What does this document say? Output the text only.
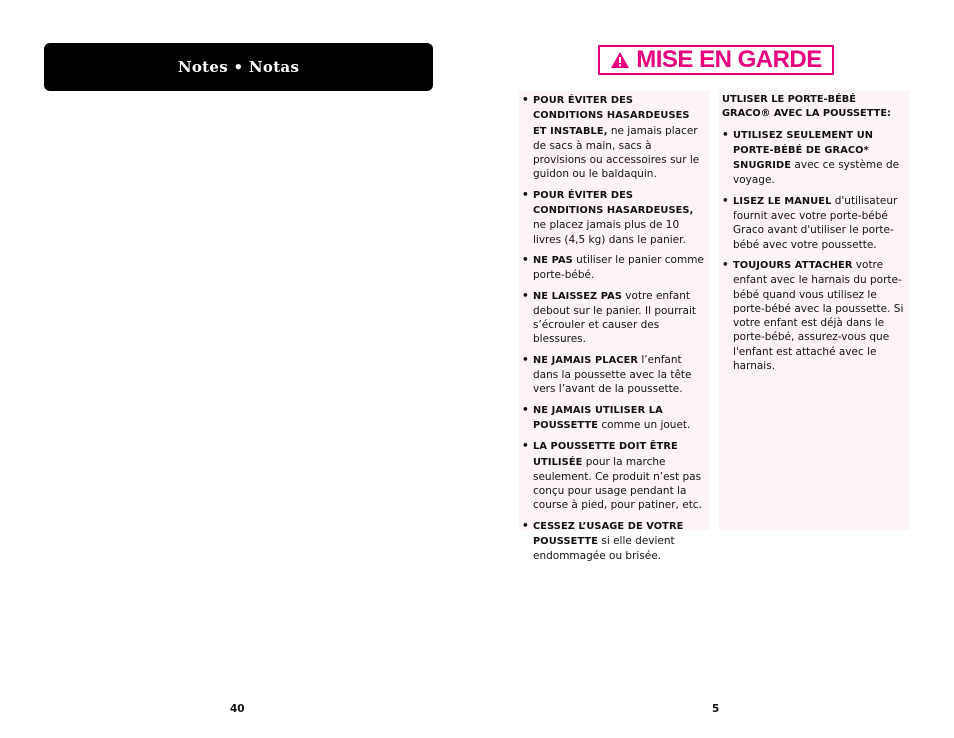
Notes • Notas	MISE EN GARDE
• POUR ÉVITER DES CONDITIONS HASARDEUSES ET INSTABLE, ne jamais placer de sacs à main, sacs à provisions ou accessoires sur le guidon ou le baldaquin.
• POUR ÉVITER DES CONDITIONS HASARDEUSES, ne placez jamais plus de 10 livres (4,5 kg) dans le panier.
• NE PAS utiliser le panier comme porte-bébé.
• NE LAISSEZ PAS votre enfant debout sur le panier. Il pourrait s’écrouler et causer des blessures.
• NE JAMAIS PLACER l’enfant dans la poussette avec la tête vers l’avant de la poussette.
• NE JAMAIS UTILISER LA POUSSETTE comme un jouet.
• LA POUSSETTE DOIT ÊTRE UTILISÉE pour la marche seulement. Ce produit n’est pas conçu pour usage pendant la course à pied, pour patiner, etc.
• CESSEZ L’USAGE DE VOTRE POUSSETTE si elle devient endommagée ou brisée.
UTLISER LE PORTE-BÉBÉ GRACO® AVEC LA POUSSETTE:
• UTILISEZ SEULEMENT UN PORTE-BÉBÉ DE GRACO* SNUGRIDE avec ce système de voyage.
• LISEZ LE MANUEL d'utilisateur fournit avec votre porte-bébé Graco avant d'utiliser le porte-bébé avec votre poussette.
• TOUJOURS ATTACHER votre enfant avec le harnais du porte-bébé quand vous utilisez le porte-bébé avec la poussette. Si votre enfant est déjà dans le porte-bébé, assurez-vous que l'enfant est attaché avec le harnais.
40	5
